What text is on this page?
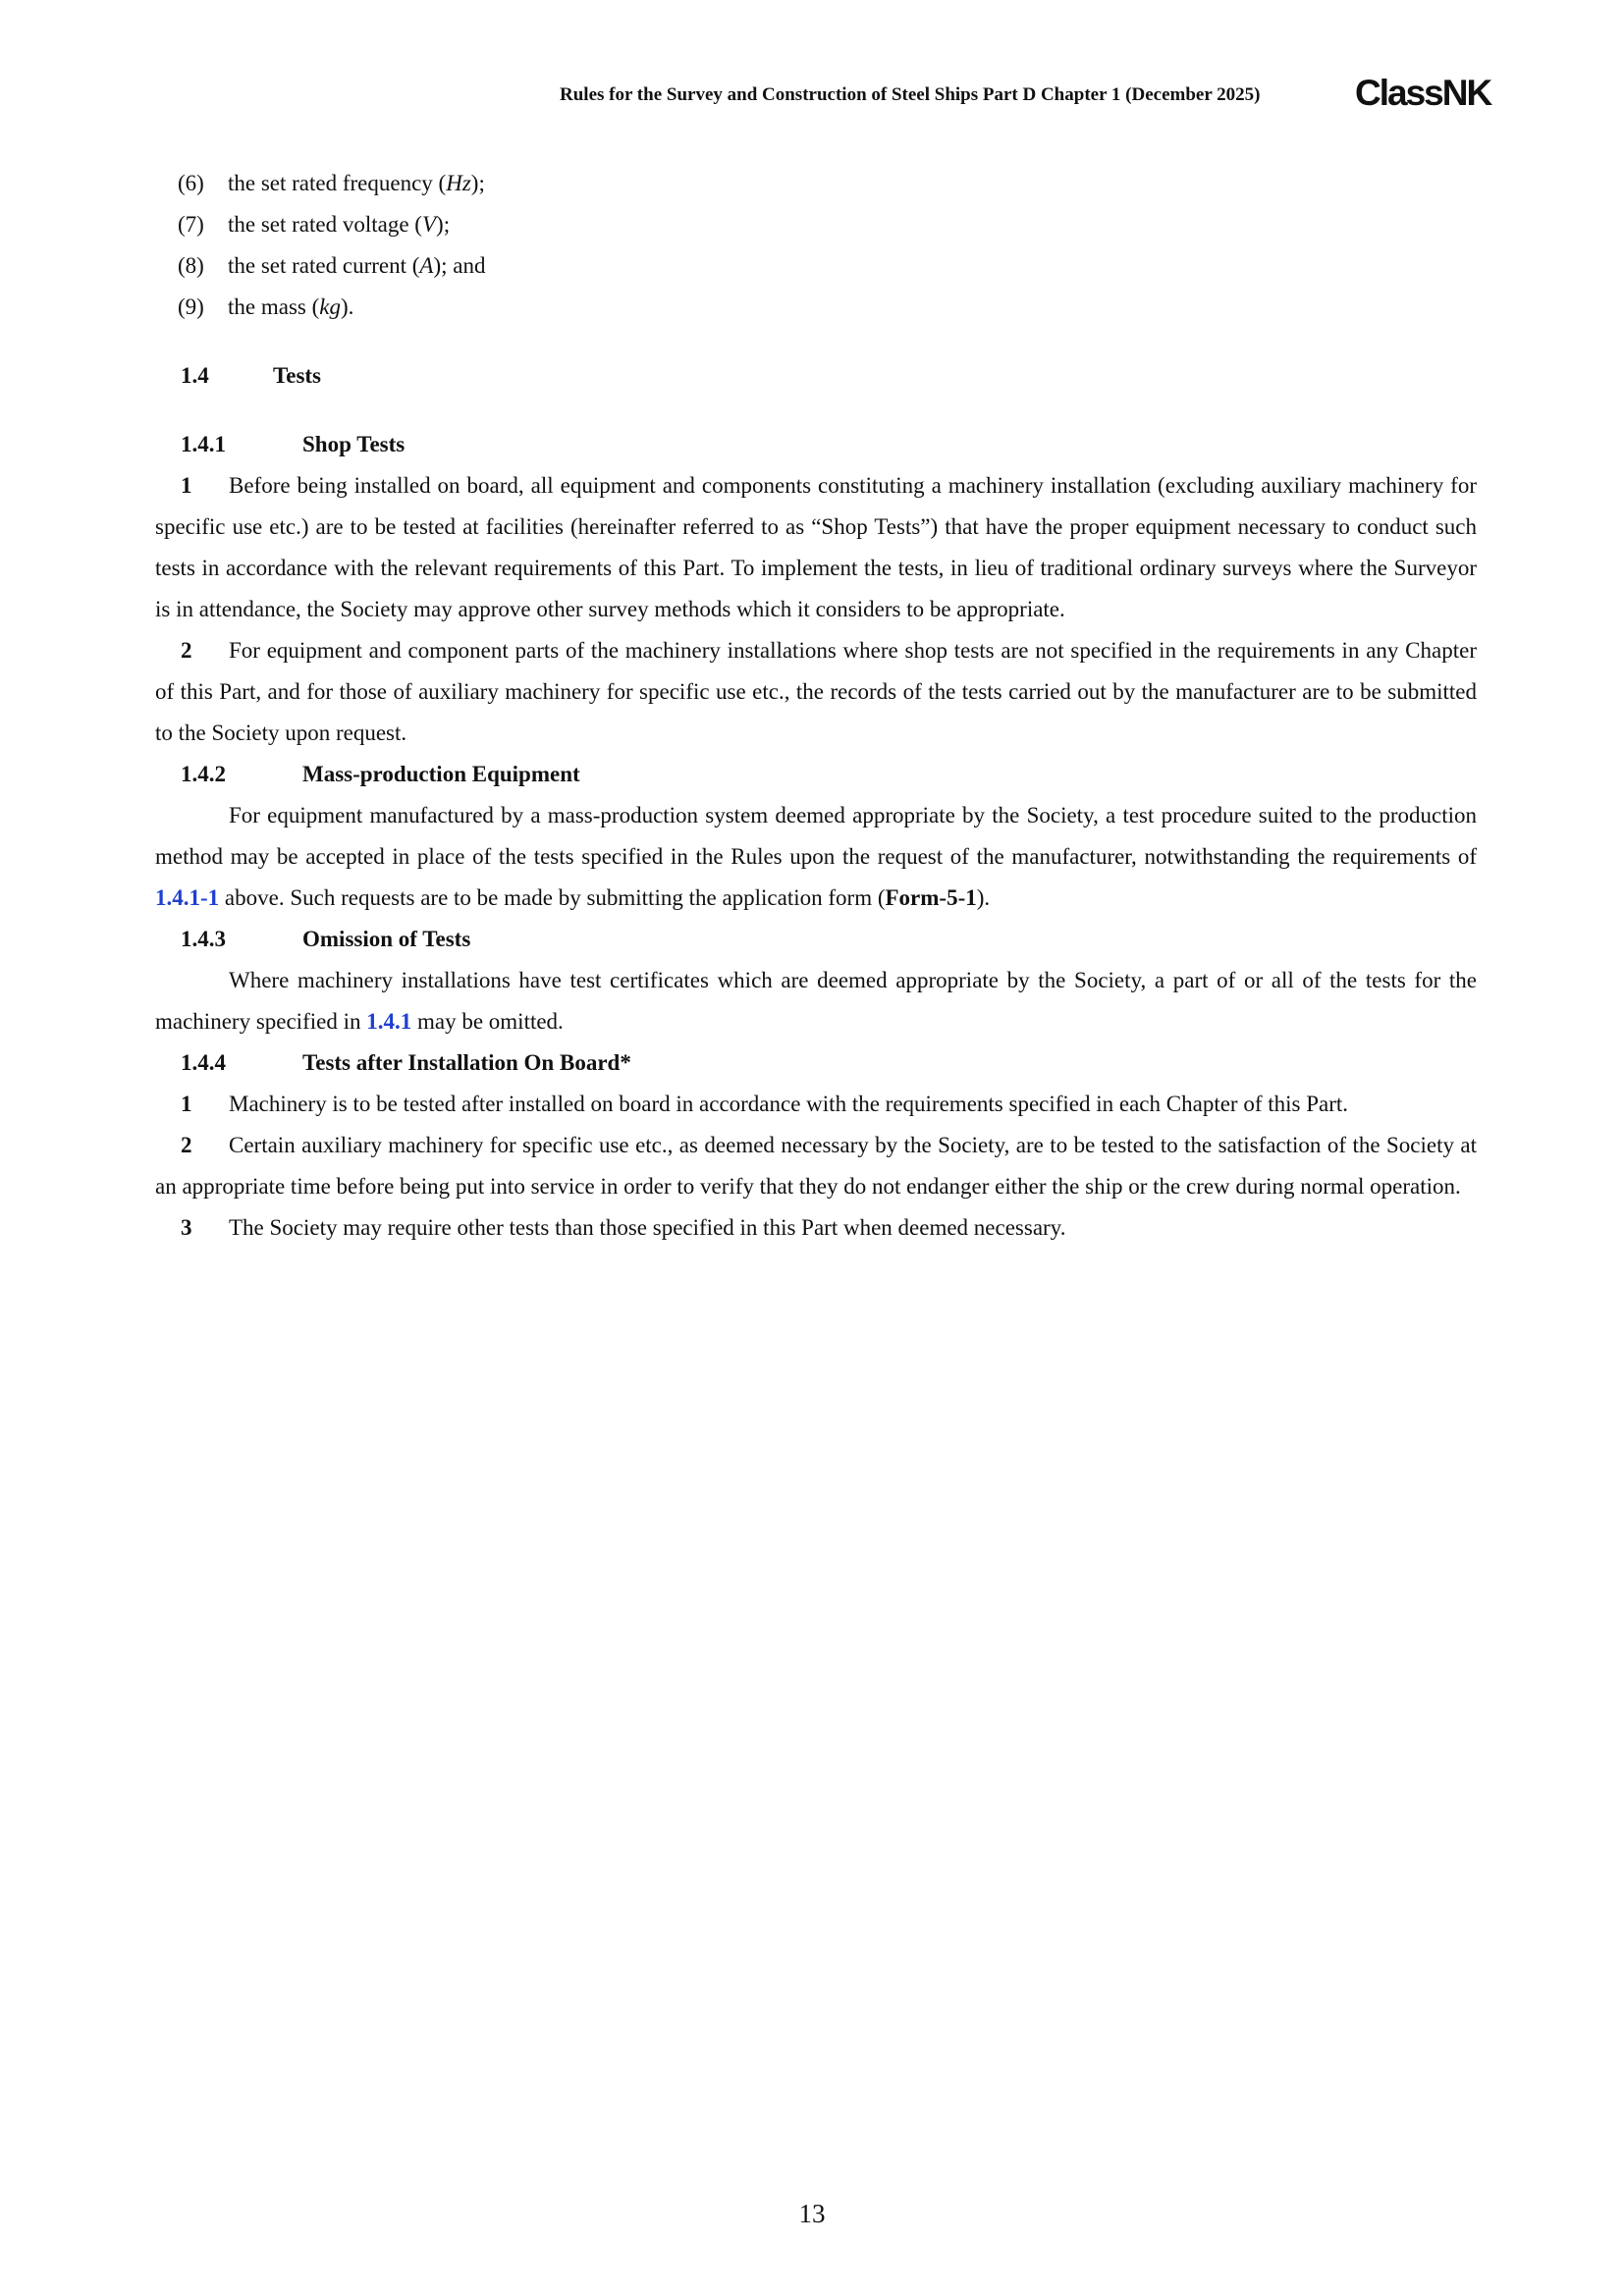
Rules for the Survey and Construction of Steel Ships Part D Chapter 1 (December 2025)	ClassNK
(6) the set rated frequency (Hz);
(7) the set rated voltage (V);
(8) the set rated current (A); and
(9) the mass (kg).
1.4	Tests
1.4.1	Shop Tests

1 Before being installed on board, all equipment and components constituting a machinery installation (excluding auxiliary machinery for specific use etc.) are to be tested at facilities (hereinafter referred to as “Shop Tests”) that have the proper equipment necessary to conduct such tests in accordance with the relevant requirements of this Part. To implement the tests, in lieu of traditional ordinary surveys where the Surveyor is in attendance, the Society may approve other survey methods which it considers to be appropriate.

2 For equipment and component parts of the machinery installations where shop tests are not specified in the requirements in any Chapter of this Part, and for those of auxiliary machinery for specific use etc., the records of the tests carried out by the manufacturer are to be submitted to the Society upon request.

1.4.2	Mass-production Equipment

For equipment manufactured by a mass-production system deemed appropriate by the Society, a test procedure suited to the production method may be accepted in place of the tests specified in the Rules upon the request of the manufacturer, notwithstanding the requirements of 1.4.1-1 above. Such requests are to be made by submitting the application form (Form-5-1).

1.4.3	Omission of Tests

Where machinery installations have test certificates which are deemed appropriate by the Society, a part of or all of the tests for the machinery specified in 1.4.1 may be omitted.

1.4.4	Tests after Installation On Board*

1 Machinery is to be tested after installed on board in accordance with the requirements specified in each Chapter of this Part.

2 Certain auxiliary machinery for specific use etc., as deemed necessary by the Society, are to be tested to the satisfaction of the Society at an appropriate time before being put into service in order to verify that they do not endanger either the ship or the crew during normal operation.

3 The Society may require other tests than those specified in this Part when deemed necessary.

13
